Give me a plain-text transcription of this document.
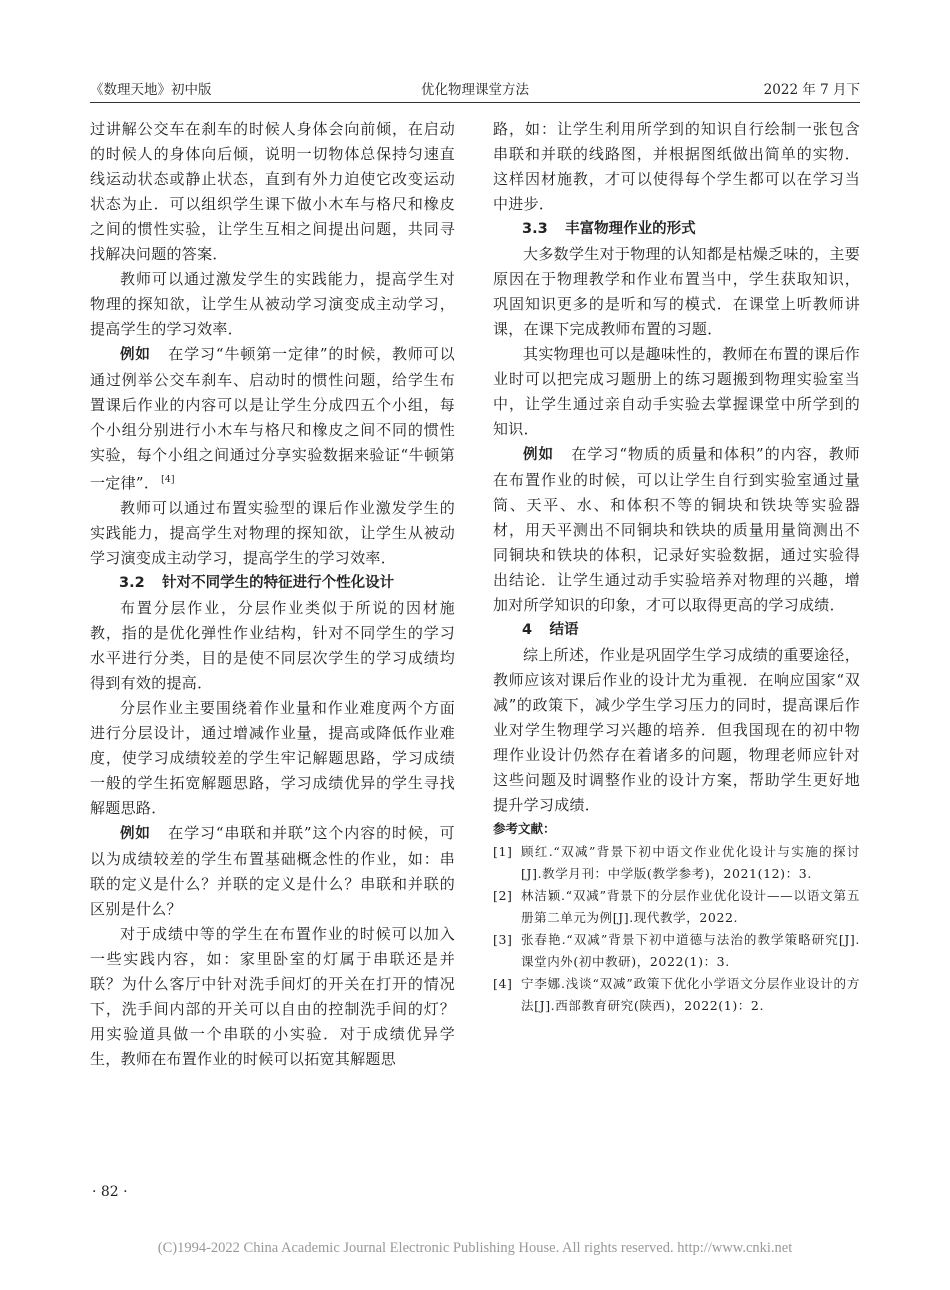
《数理天地》初中版	优化物理课堂方法	2022 年 7 月下

过讲解公交车在刹车的时候人身体会向前倾，在启动的时候人的身体向后倾，说明一切物体总保持匀速直线运动状态或静止状态，直到有外力迫使它改变运动状态为止．可以组织学生课下做小木车与格尺和橡皮之间的惯性实验，让学生互相之间提出问题，共同寻找解决问题的答案．

教师可以通过激发学生的实践能力，提高学生对物理的探知欲，让学生从被动学习演变成主动学习，提高学生的学习效率．

例如 在学习“牛顿第一定律”的时候，教师可以通过例举公交车刹车、启动时的惯性问题，给学生布置课后作业的内容可以是让学生分成四五个小组，每个小组分别进行小木车与格尺和橡皮之间不同的惯性实验，每个小组之间通过分享实验数据来验证“牛顿第一定律”． [4]

教师可以通过布置实验型的课后作业激发学生的实践能力，提高学生对物理的探知欲，让学生从被动学习演变成主动学习，提高学生的学习效率．

3.2 针对不同学生的特征进行个性化设计

布置分层作业，分层作业类似于所说的因材施教，指的是优化弹性作业结构，针对不同学生的学习水平进行分类，目的是使不同层次学生的学习成绩均得到有效的提高．

分层作业主要围绕着作业量和作业难度两个方面进行分层设计，通过增减作业量，提高或降低作业难度，使学习成绩较差的学生牢记解题思路，学习成绩一般的学生拓宽解题思路，学习成绩优异的学生寻找解题思路．

例如 在学习“串联和并联”这个内容的时候，可以为成绩较差的学生布置基础概念性的作业，如：串联的定义是什么？并联的定义是什么？串联和并联的区别是什么？

对于成绩中等的学生在布置作业的时候可以加入一些实践内容，如：家里卧室的灯属于串联还是并联？为什么客厅中针对洗手间灯的开关在打开的情况下，洗手间内部的开关可以自由的控制洗手间的灯？用实验道具做一个串联的小实验．对于成绩优异学生，教师在布置作业的时候可以拓宽其解题思

路，如：让学生利用所学到的知识自行绘制一张包含串联和并联的线路图，并根据图纸做出简单的实物．这样因材施教，才可以使得每个学生都可以在学习当中进步．

3.3 丰富物理作业的形式

大多数学生对于物理的认知都是枯燥乏味的，主要原因在于物理教学和作业布置当中，学生获取知识，巩固知识更多的是听和写的模式．在课堂上听教师讲课，在课下完成教师布置的习题．

其实物理也可以是趣味性的，教师在布置的课后作业时可以把完成习题册上的练习题搬到物理实验室当中，让学生通过亲自动手实验去掌握课堂中所学到的知识．

例如 在学习“物质的质量和体积”的内容，教师在布置作业的时候，可以让学生自行到实验室通过量筒、天平、水、和体积不等的铜块和铁块等实验器材，用天平测出不同铜块和铁块的质量用量筒测出不同铜块和铁块的体积，记录好实验数据，通过实验得出结论．让学生通过动手实验培养对物理的兴趣，增加对所学知识的印象，才可以取得更高的学习成绩．

4 结语

综上所述，作业是巩固学生学习成绩的重要途径，教师应该对课后作业的设计尤为重视．在响应国家“双减”的政策下，减少学生学习压力的同时，提高课后作业对学生物理学习兴趣的培养．但我国现在的初中物理作业设计仍然存在着诸多的问题，物理老师应针对这些问题及时调整作业的设计方案，帮助学生更好地提升学习成绩．

参考文献：

[1] 顾红.“双减”背景下初中语文作业优化设计与实施的探讨[J].教学月刊：中学版(教学参考)，2021(12)：3.
[2] 林洁颖.“双减”背景下的分层作业优化设计——以语文第五册第二单元为例[J].现代教学，2022.
[3] 张春艳.“双减”背景下初中道德与法治的教学策略研究[J].课堂内外(初中教研)，2022(1)：3.
[4] 宁李娜.浅谈“双减”政策下优化小学语文分层作业设计的方法[J].西部教育研究(陕西)，2022(1)：2.
· 82 ·
(C)1994-2022 China Academic Journal Electronic Publishing House. All rights reserved. http://www.cnki.net
